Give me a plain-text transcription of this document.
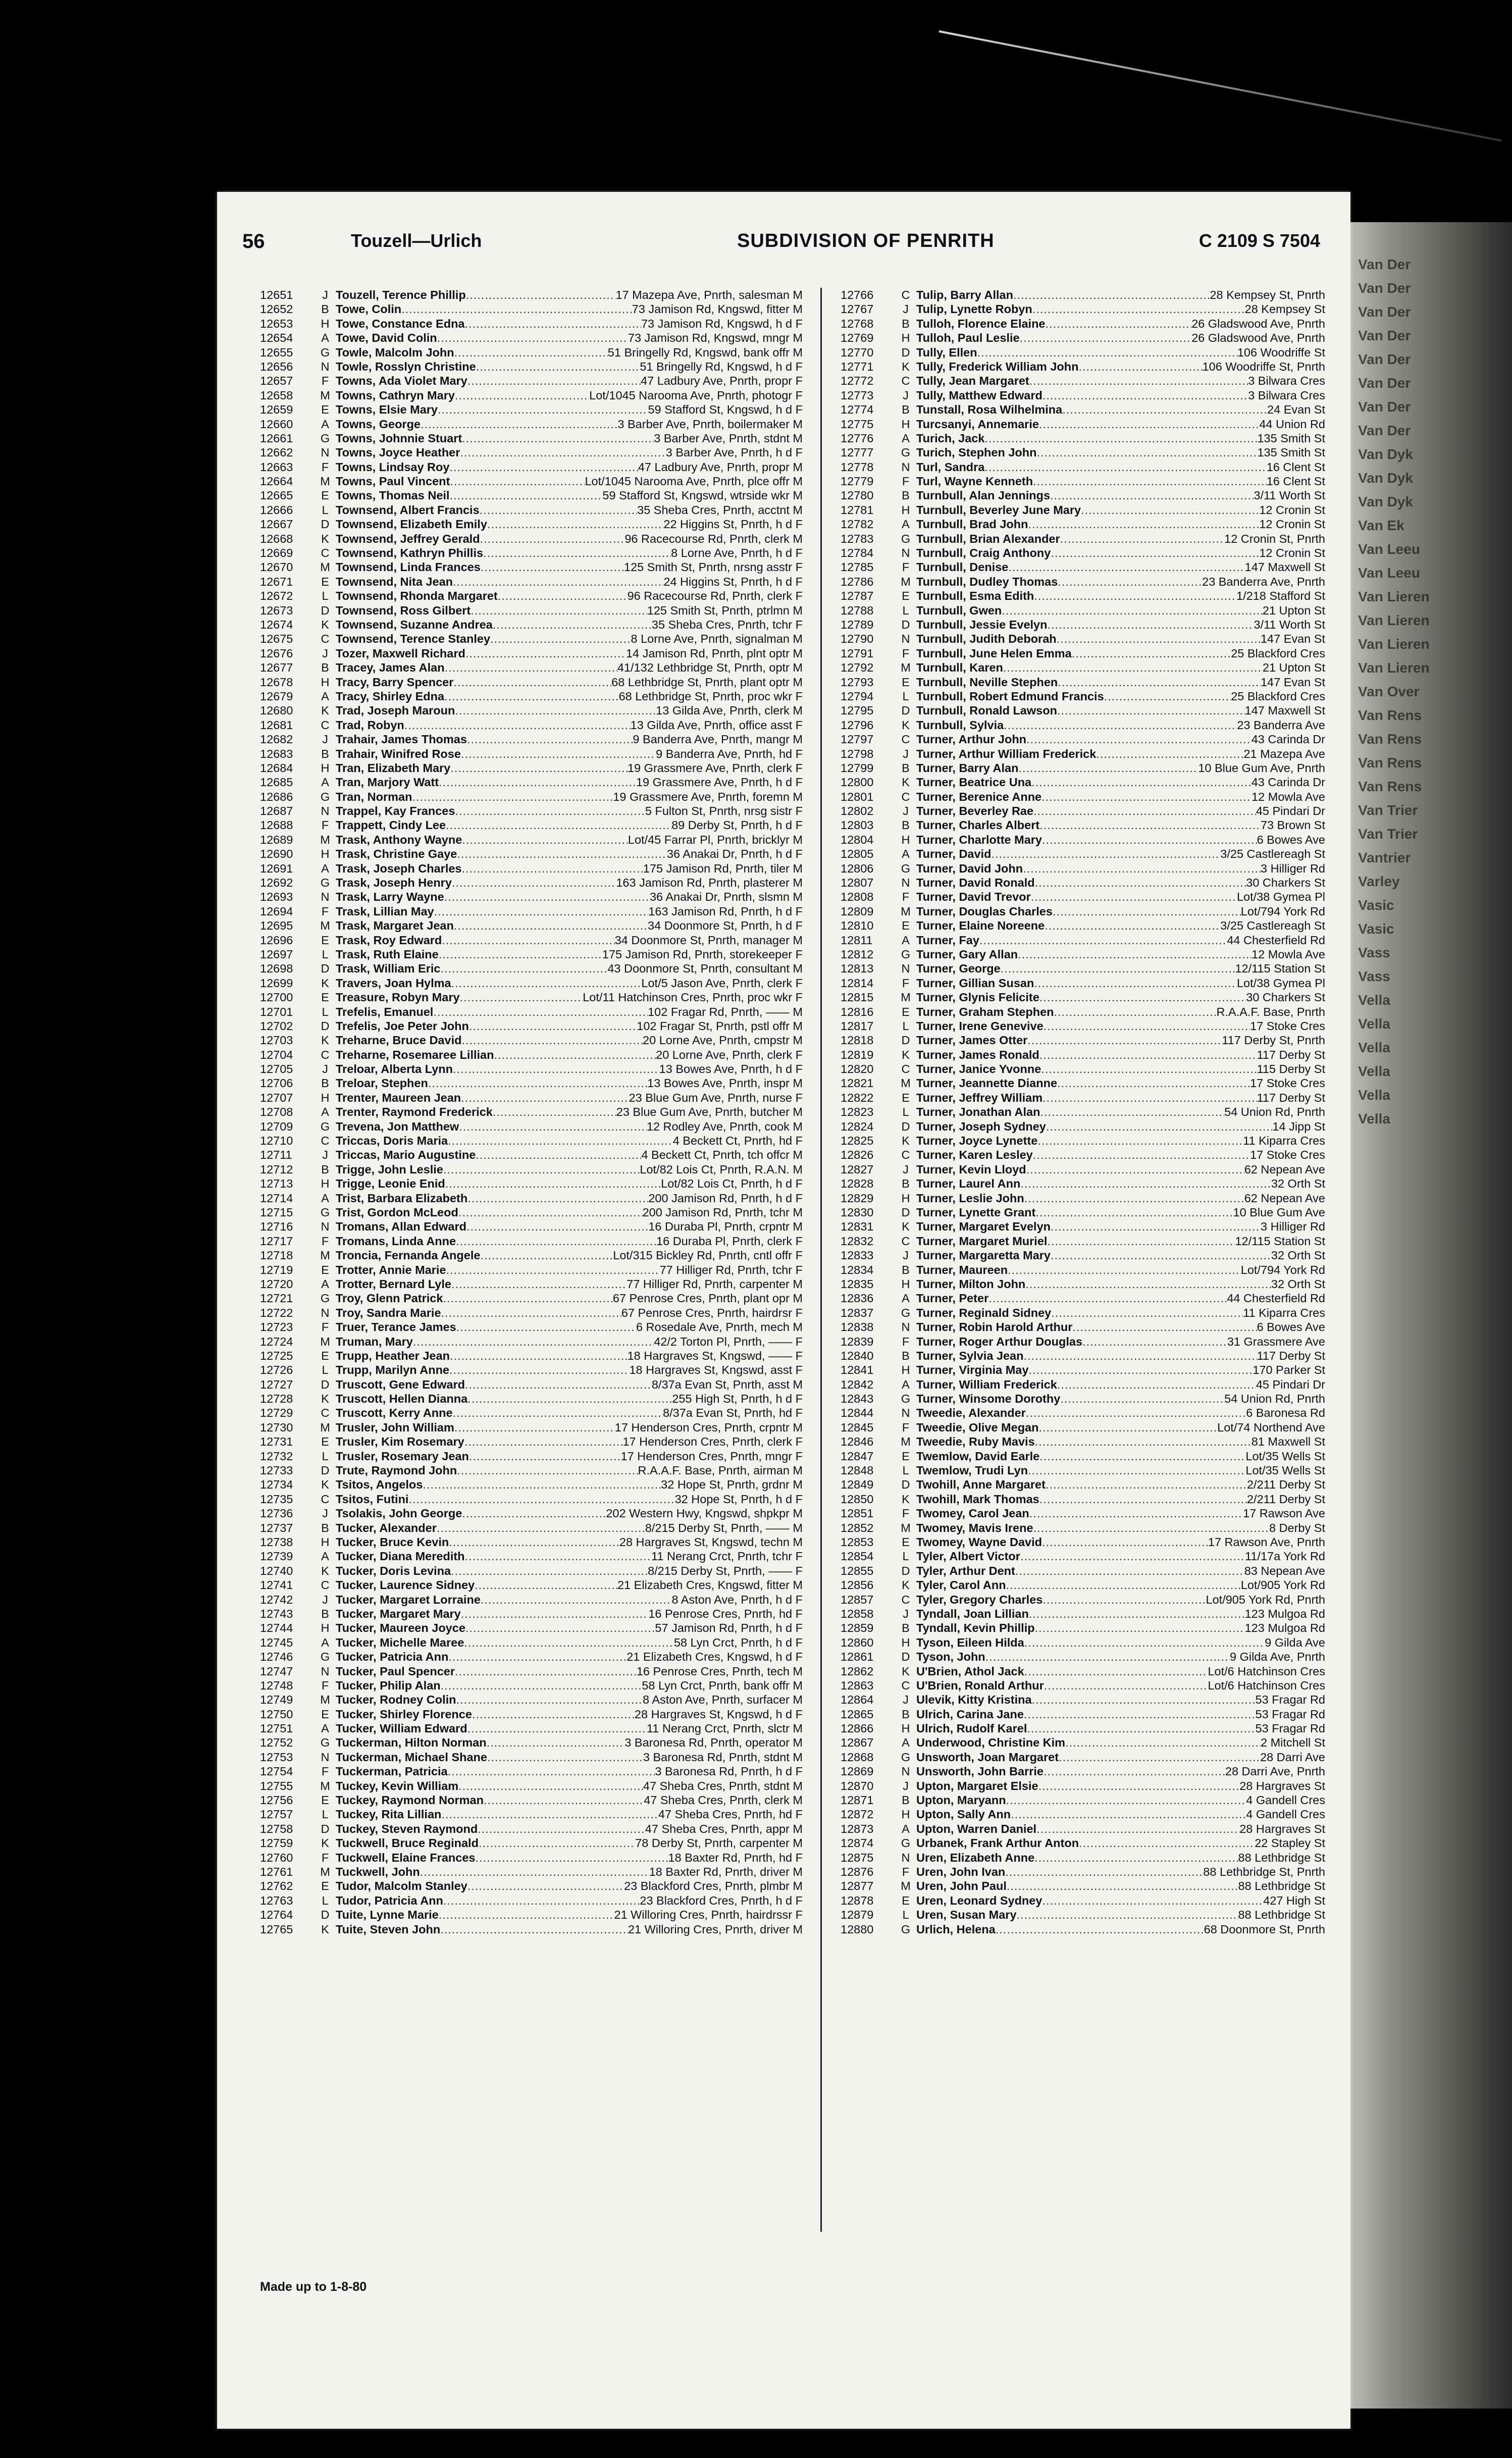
Van Der
Van Der
Van Der
Van Der
Van Der
Van Der
Van Der
Van Der
Van Dyk
Van Dyk
Van Dyk
Van Ek
Van Leeu
Van Leeu
Van Lieren
Van Lieren
Van Lieren
Van Lieren
Van Over
Van Rens
Van Rens
Van Rens
Van Rens
Van Trier
Van Trier
Vantrier
Varley
Vasic
Vasic
Vass
Vass
Vella
Vella
Vella
Vella
Vella
Vella
56	Touzell—Urlich	SUBDIVISION OF PENRITH	C 2109 S 7504
12651	J Touzell, Terence Phillip .....	17 Mazepa Ave, Pnrth, salesman M
12652	B Towe, Colin .....	73 Jamison Rd, Kngswd, fitter M
12653	H Towe, Constance Edna .....	73 Jamison Rd, Kngswd, h d F
12654	A Towe, David Colin .....	73 Jamison Rd, Kngswd, mngr M
12655	G Towle, Malcolm John .....	51 Bringelly Rd, Kngswd, bank offr M
12656	N Towle, Rosslyn Christine .....	51 Bringelly Rd, Kngswd, h d F
12657	F Towns, Ada Violet Mary .....	47 Ladbury Ave, Pnrth, propr F
12658	M Towns, Cathryn Mary .....	Lot/1045 Narooma Ave, Pnrth, photogr F
12659	E Towns, Elsie Mary .....	59 Stafford St, Kngswd, h d F
12660	A Towns, George .....	3 Barber Ave, Pnrth, boilermaker M
12661	G Towns, Johnnie Stuart .....	3 Barber Ave, Pnrth, stdnt M
12662	N Towns, Joyce Heather .....	3 Barber Ave, Pnrth, h d F
12663	F Towns, Lindsay Roy .....	47 Ladbury Ave, Pnrth, propr M
12664	M Towns, Paul Vincent .....	Lot/1045 Narooma Ave, Pnrth, plce offr M
12665	E Towns, Thomas Neil .....	59 Stafford St, Kngswd, wtrside wkr M
12666	L Townsend, Albert Francis .....	35 Sheba Cres, Pnrth, acctnt M
12667	D Townsend, Elizabeth Emily .....	22 Higgins St, Pnrth, h d F
12668	K Townsend, Jeffrey Gerald .....	96 Racecourse Rd, Pnrth, clerk M
12669	C Townsend, Kathryn Phillis .....	8 Lorne Ave, Pnrth, h d F
12670	M Townsend, Linda Frances .....	125 Smith St, Pnrth, nrsng asstr F
12671	E Townsend, Nita Jean .....	24 Higgins St, Pnrth, h d F
12672	L Townsend, Rhonda Margaret .....	96 Racecourse Rd, Pnrth, clerk F
12673	D Townsend, Ross Gilbert .....	125 Smith St, Pnrth, ptrlmn M
12674	K Townsend, Suzanne Andrea .....	35 Sheba Cres, Pnrth, tchr F
12675	C Townsend, Terence Stanley .....	8 Lorne Ave, Pnrth, signalman M
12676	J Tozer, Maxwell Richard .....	14 Jamison Rd, Pnrth, plnt optr M
12677	B Tracey, James Alan .....	41/132 Lethbridge St, Pnrth, optr M
12678	H Tracy, Barry Spencer .....	68 Lethbridge St, Pnrth, plant optr M
12679	A Tracy, Shirley Edna .....	68 Lethbridge St, Pnrth, proc wkr F
12680	K Trad, Joseph Maroun .....	13 Gilda Ave, Pnrth, clerk M
12681	C Trad, Robyn .....	13 Gilda Ave, Pnrth, office asst F
12682	J Trahair, James Thomas .....	9 Banderra Ave, Pnrth, mangr M
12683	B Trahair, Winifred Rose .....	9 Banderra Ave, Pnrth, hd F
12684	H Tran, Elizabeth Mary .....	19 Grassmere Ave, Pnrth, clerk F
12685	A Tran, Marjory Watt .....	19 Grassmere Ave, Pnrth, h d F
12686	G Tran, Norman .....	19 Grassmere Ave, Pnrth, foremn M
12687	N Trappel, Kay Frances .....	5 Fulton St, Pnrth, nrsg sistr F
12688	F Trappett, Cindy Lee .....	89 Derby St, Pnrth, h d F
12689	M Trask, Anthony Wayne .....	Lot/45 Farrar Pl, Pnrth, bricklyr M
12690	H Trask, Christine Gaye .....	36 Anakai Dr, Pnrth, h d F
12691	A Trask, Joseph Charles .....	175 Jamison Rd, Pnrth, tiler M
12692	G Trask, Joseph Henry .....	163 Jamison Rd, Pnrth, plasterer M
12693	N Trask, Larry Wayne .....	36 Anakai Dr, Pnrth, slsmn M
12694	F Trask, Lillian May .....	163 Jamison Rd, Pnrth, h d F
12695	M Trask, Margaret Jean .....	34 Doonmore St, Pnrth, h d F
12696	E Trask, Roy Edward .....	34 Doonmore St, Pnrth, manager M
12697	L Trask, Ruth Elaine .....	175 Jamison Rd, Pnrth, storekeeper F
12698	D Trask, William Eric .....	43 Doonmore St, Pnrth, consultant M
12699	K Travers, Joan Hylma .....	Lot/5 Jason Ave, Pnrth, clerk F
12700	E Treasure, Robyn Mary .....	Lot/11 Hatchinson Cres, Pnrth, proc wkr F
12701	L Trefelis, Emanuel .....	102 Fragar Rd, Pnrth, —— M
12702	D Trefelis, Joe Peter John .....	102 Fragar St, Pnrth, pstl offr M
12703	K Treharne, Bruce David .....	20 Lorne Ave, Pnrth, cmpstr M
12704	C Treharne, Rosemaree Lillian .....	20 Lorne Ave, Pnrth, clerk F
12705	J Treloar, Alberta Lynn .....	13 Bowes Ave, Pnrth, h d F
12706	B Treloar, Stephen .....	13 Bowes Ave, Pnrth, inspr M
12707	H Trenter, Maureen Jean .....	23 Blue Gum Ave, Pnrth, nurse F
12708	A Trenter, Raymond Frederick .....	23 Blue Gum Ave, Pnrth, butcher M
12709	G Trevena, Jon Matthew .....	12 Rodley Ave, Pnrth, cook M
12710	C Triccas, Doris Maria .....	4 Beckett Ct, Pnrth, hd F
12711	J Triccas, Mario Augustine .....	4 Beckett Ct, Pnrth, tch offcr M
12712	B Trigge, John Leslie .....	Lot/82 Lois Ct, Pnrth, R.A.N. M
12713	H Trigge, Leonie Enid .....	Lot/82 Lois Ct, Pnrth, h d F
12714	A Trist, Barbara Elizabeth .....	200 Jamison Rd, Pnrth, h d F
12715	G Trist, Gordon McLeod .....	200 Jamison Rd, Pnrth, tchr M
12716	N Tromans, Allan Edward .....	16 Duraba Pl, Pnrth, crpntr M
12717	F Tromans, Linda Anne .....	16 Duraba Pl, Pnrth, clerk F
12718	M Troncia, Fernanda Angele .....	Lot/315 Bickley Rd, Pnrth, cntl offr F
12719	E Trotter, Annie Marie .....	77 Hilliger Rd, Pnrth, tchr F
12720	A Trotter, Bernard Lyle .....	77 Hilliger Rd, Pnrth, carpenter M
12721	G Troy, Glenn Patrick .....	67 Penrose Cres, Pnrth, plant opr M
12722	N Troy, Sandra Marie .....	67 Penrose Cres, Pnrth, hairdrsr F
12723	F Truer, Terance James .....	6 Rosedale Ave, Pnrth, mech M
12724	M Truman, Mary .....	42/2 Torton Pl, Pnrth, —— F
12725	E Trupp, Heather Jean .....	18 Hargraves St, Kngswd, —— F
12726	L Trupp, Marilyn Anne .....	18 Hargraves St, Kngswd, asst F
12727	D Truscott, Gene Edward .....	8/37a Evan St, Pnrth, asst M
12728	K Truscott, Hellen Dianna .....	255 High St, Pnrth, h d F
12729	C Truscott, Kerry Anne .....	8/37a Evan St, Pnrth, hd F
12730	M Trusler, John William .....	17 Henderson Cres, Pnrth, crpntr M
12731	E Trusler, Kim Rosemary .....	17 Henderson Cres, Pnrth, clerk F
12732	L Trusler, Rosemary Jean .....	17 Henderson Cres, Pnrth, mngr F
12733	D Trute, Raymond John .....	R.A.A.F. Base, Pnrth, airman M
12734	K Tsitos, Angelos .....	32 Hope St, Pnrth, grdnr M
12735	C Tsitos, Futini .....	32 Hope St, Pnrth, h d F
12736	J Tsolakis, John George .....	202 Western Hwy, Kngswd, shpkpr M
12737	B Tucker, Alexander .....	8/215 Derby St, Pnrth, —— M
12738	H Tucker, Bruce Kevin .....	28 Hargraves St, Kngswd, techn M
12739	A Tucker, Diana Meredith .....	11 Nerang Crct, Pnrth, tchr F
12740	K Tucker, Doris Levina .....	8/215 Derby St, Pnrth, —— F
12741	C Tucker, Laurence Sidney .....	21 Elizabeth Cres, Kngswd, fitter M
12742	J Tucker, Margaret Lorraine .....	8 Aston Ave, Pnrth, h d F
12743	B Tucker, Margaret Mary .....	16 Penrose Cres, Pnrth, hd F
12744	H Tucker, Maureen Joyce .....	57 Jamison Rd, Pnrth, h d F
12745	A Tucker, Michelle Maree .....	58 Lyn Crct, Pnrth, h d F
12746	G Tucker, Patricia Ann .....	21 Elizabeth Cres, Kngswd, h d F
12747	N Tucker, Paul Spencer .....	16 Penrose Cres, Pnrth, tech M
12748	F Tucker, Philip Alan .....	58 Lyn Crct, Pnrth, bank offr M
12749	M Tucker, Rodney Colin .....	8 Aston Ave, Pnrth, surfacer M
12750	E Tucker, Shirley Florence .....	28 Hargraves St, Kngswd, h d F
12751	A Tucker, William Edward .....	11 Nerang Crct, Pnrth, slctr M
12752	G Tuckerman, Hilton Norman .....	3 Baronesa Rd, Pnrth, operator M
12753	N Tuckerman, Michael Shane .....	3 Baronesa Rd, Pnrth, stdnt M
12754	F Tuckerman, Patricia .....	3 Baronesa Rd, Pnrth, h d F
12755	M Tuckey, Kevin William .....	47 Sheba Cres, Pnrth, stdnt M
12756	E Tuckey, Raymond Norman .....	47 Sheba Cres, Pnrth, clerk M
12757	L Tuckey, Rita Lillian .....	47 Sheba Cres, Pnrth, hd F
12758	D Tuckey, Steven Raymond .....	47 Sheba Cres, Pnrth, appr M
12759	K Tuckwell, Bruce Reginald .....	78 Derby St, Pnrth, carpenter M
12760	F Tuckwell, Elaine Frances .....	18 Baxter Rd, Pnrth, hd F
12761	M Tuckwell, John .....	18 Baxter Rd, Pnrth, driver M
12762	E Tudor, Malcolm Stanley .....	23 Blackford Cres, Pnrth, plmbr M
12763	L Tudor, Patricia Ann .....	23 Blackford Cres, Pnrth, h d F
12764	D Tuite, Lynne Marie .....	21 Willoring Cres, Pnrth, hairdrssr F
12765	K Tuite, Steven John .....	21 Willoring Cres, Pnrth, driver M
12766	C Tulip, Barry Allan .....	28 Kempsey St, Pnrth
12767	J Tulip, Lynette Robyn .....	28 Kempsey St
12768	B Tulloh, Florence Elaine .....	26 Gladswood Ave, Pnrth
12769	H Tulloh, Paul Leslie .....	26 Gladswood Ave, Pnrth
12770	D Tully, Ellen .....	106 Woodriffe St
12771	K Tully, Frederick William John .....	106 Woodriffe St, Pnrth
12772	C Tully, Jean Margaret .....	3 Bilwara Cres
12773	J Tully, Matthew Edward .....	3 Bilwara Cres
12774	B Tunstall, Rosa Wilhelmina .....	24 Evan St
12775	H Turcsanyi, Annemarie .....	44 Union Rd
12776	A Turich, Jack .....	135 Smith St
12777	G Turich, Stephen John .....	135 Smith St
12778	N Turl, Sandra .....	16 Clent St
12779	F Turl, Wayne Kenneth .....	16 Clent St
12780	B Turnbull, Alan Jennings .....	3/11 Worth St
12781	H Turnbull, Beverley June Mary .....	12 Cronin St
12782	A Turnbull, Brad John .....	12 Cronin St
12783	G Turnbull, Brian Alexander .....	12 Cronin St, Pnrth
12784	N Turnbull, Craig Anthony .....	12 Cronin St
12785	F Turnbull, Denise .....	147 Maxwell St
12786	M Turnbull, Dudley Thomas .....	23 Banderra Ave, Pnrth
12787	E Turnbull, Esma Edith .....	1/218 Stafford St
12788	L Turnbull, Gwen .....	21 Upton St
12789	D Turnbull, Jessie Evelyn .....	3/11 Worth St
12790	N Turnbull, Judith Deborah .....	147 Evan St
12791	F Turnbull, June Helen Emma .....	25 Blackford Cres
12792	M Turnbull, Karen .....	21 Upton St
12793	E Turnbull, Neville Stephen .....	147 Evan St
12794	L Turnbull, Robert Edmund Francis .....	25 Blackford Cres
12795	D Turnbull, Ronald Lawson .....	147 Maxwell St
12796	K Turnbull, Sylvia .....	23 Banderra Ave
12797	C Turner, Arthur John .....	43 Carinda Dr
12798	J Turner, Arthur William Frederick .....	21 Mazepa Ave
12799	B Turner, Barry Alan .....	10 Blue Gum Ave, Pnrth
12800	K Turner, Beatrice Una .....	43 Carinda Dr
12801	C Turner, Berenice Anne .....	12 Mowla Ave
12802	J Turner, Beverley Rae .....	45 Pindari Dr
12803	B Turner, Charles Albert .....	73 Brown St
12804	H Turner, Charlotte Mary .....	6 Bowes Ave
12805	A Turner, David .....	3/25 Castlereagh St
12806	G Turner, David John .....	3 Hilliger Rd
12807	N Turner, David Ronald .....	30 Charkers St
12808	F Turner, David Trevor .....	Lot/38 Gymea Pl
12809	M Turner, Douglas Charles .....	Lot/794 York Rd
12810	E Turner, Elaine Noreene .....	3/25 Castlereagh St
12811	A Turner, Fay .....	44 Chesterfield Rd
12812	G Turner, Gary Allan .....	12 Mowla Ave
12813	N Turner, George .....	12/115 Station St
12814	F Turner, Gillian Susan .....	Lot/38 Gymea Pl
12815	M Turner, Glynis Felicite .....	30 Charkers St
12816	E Turner, Graham Stephen .....	R.A.A.F. Base, Pnrth
12817	L Turner, Irene Genevive .....	17 Stoke Cres
12818	D Turner, James Otter .....	117 Derby St, Pnrth
12819	K Turner, James Ronald .....	117 Derby St
12820	C Turner, Janice Yvonne .....	115 Derby St
12821	M Turner, Jeannette Dianne .....	17 Stoke Cres
12822	E Turner, Jeffrey William .....	117 Derby St
12823	L Turner, Jonathan Alan .....	54 Union Rd, Pnrth
12824	D Turner, Joseph Sydney .....	14 Jipp St
12825	K Turner, Joyce Lynette .....	11 Kiparra Cres
12826	C Turner, Karen Lesley .....	17 Stoke Cres
12827	J Turner, Kevin Lloyd .....	62 Nepean Ave
12828	B Turner, Laurel Ann .....	32 Orth St
12829	H Turner, Leslie John .....	62 Nepean Ave
12830	D Turner, Lynette Grant .....	10 Blue Gum Ave
12831	K Turner, Margaret Evelyn .....	3 Hilliger Rd
12832	C Turner, Margaret Muriel .....	12/115 Station St
12833	J Turner, Margaretta Mary .....	32 Orth St
12834	B Turner, Maureen .....	Lot/794 York Rd
12835	H Turner, Milton John .....	32 Orth St
12836	A Turner, Peter .....	44 Chesterfield Rd
12837	G Turner, Reginald Sidney .....	11 Kiparra Cres
12838	N Turner, Robin Harold Arthur .....	6 Bowes Ave
12839	F Turner, Roger Arthur Douglas .....	31 Grassmere Ave
12840	B Turner, Sylvia Jean .....	117 Derby St
12841	H Turner, Virginia May .....	170 Parker St
12842	A Turner, William Frederick .....	45 Pindari Dr
12843	G Turner, Winsome Dorothy .....	54 Union Rd, Pnrth
12844	N Tweedie, Alexander .....	6 Baronesa Rd
12845	F Tweedie, Olive Megan .....	Lot/74 Northend Ave
12846	M Tweedie, Ruby Mavis .....	81 Maxwell St
12847	E Twemlow, David Earle .....	Lot/35 Wells St
12848	L Twemlow, Trudi Lyn .....	Lot/35 Wells St
12849	D Twohill, Anne Margaret .....	2/211 Derby St
12850	K Twohill, Mark Thomas .....	2/211 Derby St
12851	F Twomey, Carol Jean .....	17 Rawson Ave
12852	M Twomey, Mavis Irene .....	8 Derby St
12853	E Twomey, Wayne David .....	17 Rawson Ave, Pnrth
12854	L Tyler, Albert Victor .....	11/17a York Rd
12855	D Tyler, Arthur Dent .....	83 Nepean Ave
12856	K Tyler, Carol Ann .....	Lot/905 York Rd
12857	C Tyler, Gregory Charles .....	Lot/905 York Rd, Pnrth
12858	J Tyndall, Joan Lillian .....	123 Mulgoa Rd
12859	B Tyndall, Kevin Phillip .....	123 Mulgoa Rd
12860	H Tyson, Eileen Hilda .....	9 Gilda Ave
12861	D Tyson, John .....	9 Gilda Ave, Pnrth
12862	K U'Brien, Athol Jack .....	Lot/6 Hatchinson Cres
12863	C U'Brien, Ronald Arthur .....	Lot/6 Hatchinson Cres
12864	J Ulevik, Kitty Kristina .....	53 Fragar Rd
12865	B Ulrich, Carina Jane .....	53 Fragar Rd
12866	H Ulrich, Rudolf Karel .....	53 Fragar Rd
12867	A Underwood, Christine Kim .....	2 Mitchell St
12868	G Unsworth, Joan Margaret .....	28 Darri Ave
12869	N Unsworth, John Barrie .....	28 Darri Ave, Pnrth
12870	J Upton, Margaret Elsie .....	28 Hargraves St
12871	B Upton, Maryann .....	4 Gandell Cres
12872	H Upton, Sally Ann .....	4 Gandell Cres
12873	A Upton, Warren Daniel .....	28 Hargraves St
12874	G Urbanek, Frank Arthur Anton .....	22 Stapley St
12875	N Uren, Elizabeth Anne .....	88 Lethbridge St
12876	F Uren, John Ivan .....	88 Lethbridge St, Pnrth
12877	M Uren, John Paul .....	88 Lethbridge St
12878	E Uren, Leonard Sydney .....	427 High St
12879	L Uren, Susan Mary .....	88 Lethbridge St
12880	G Urlich, Helena .....	68 Doonmore St, Pnrth
Made up to 1-8-80
